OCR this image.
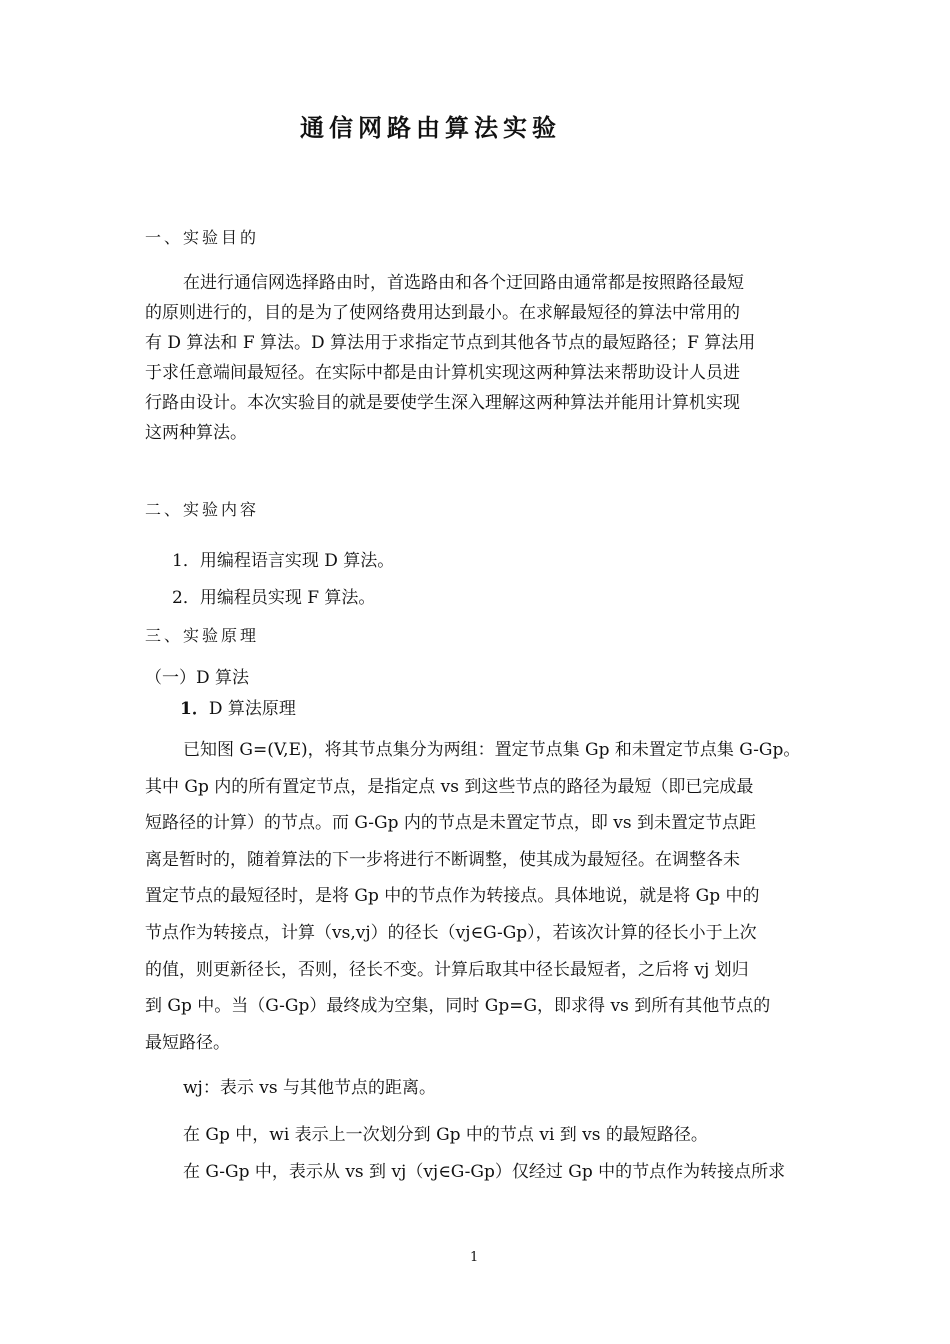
通信网路由算法实验
一、实验目的
在进行通信网选择路由时，首选路由和各个迂回路由通常都是按照路径最短
的原则进行的，目的是为了使网络费用达到最小。在求解最短径的算法中常用的
有 D 算法和 F 算法。D 算法用于求指定节点到其他各节点的最短路径；F 算法用
于求任意端间最短径。在实际中都是由计算机实现这两种算法来帮助设计人员进
行路由设计。本次实验目的就是要使学生深入理解这两种算法并能用计算机实现
这两种算法。
二、实验内容
1．用编程语言实现 D 算法。
2．用编程员实现 F 算法。
三、实验原理
（一）D 算法
1．D 算法原理
已知图 G=(V,E)，将其节点集分为两组：置定节点集 Gp 和未置定节点集 G-Gp。
其中 Gp 内的所有置定节点，是指定点 vs 到这些节点的路径为最短（即已完成最
短路径的计算）的节点。而 G-Gp 内的节点是未置定节点，即 vs 到未置定节点距
离是暂时的，随着算法的下一步将进行不断调整，使其成为最短径。在调整各未
置定节点的最短径时，是将 Gp 中的节点作为转接点。具体地说，就是将 Gp 中的
节点作为转接点，计算（vs,vj）的径长（vj∈G-Gp），若该次计算的径长小于上次
的值，则更新径长，否则，径长不变。计算后取其中径长最短者，之后将 vj 划归
到 Gp 中。当（G-Gp）最终成为空集，同时 Gp=G，即求得 vs 到所有其他节点的
最短路径。
wj：表示 vs 与其他节点的距离。
在 Gp 中，wi 表示上一次划分到 Gp 中的节点 vi 到 vs 的最短路径。
在 G-Gp 中，表示从 vs 到 vj（vj∈G-Gp）仅经过 Gp 中的节点作为转接点所求
1
